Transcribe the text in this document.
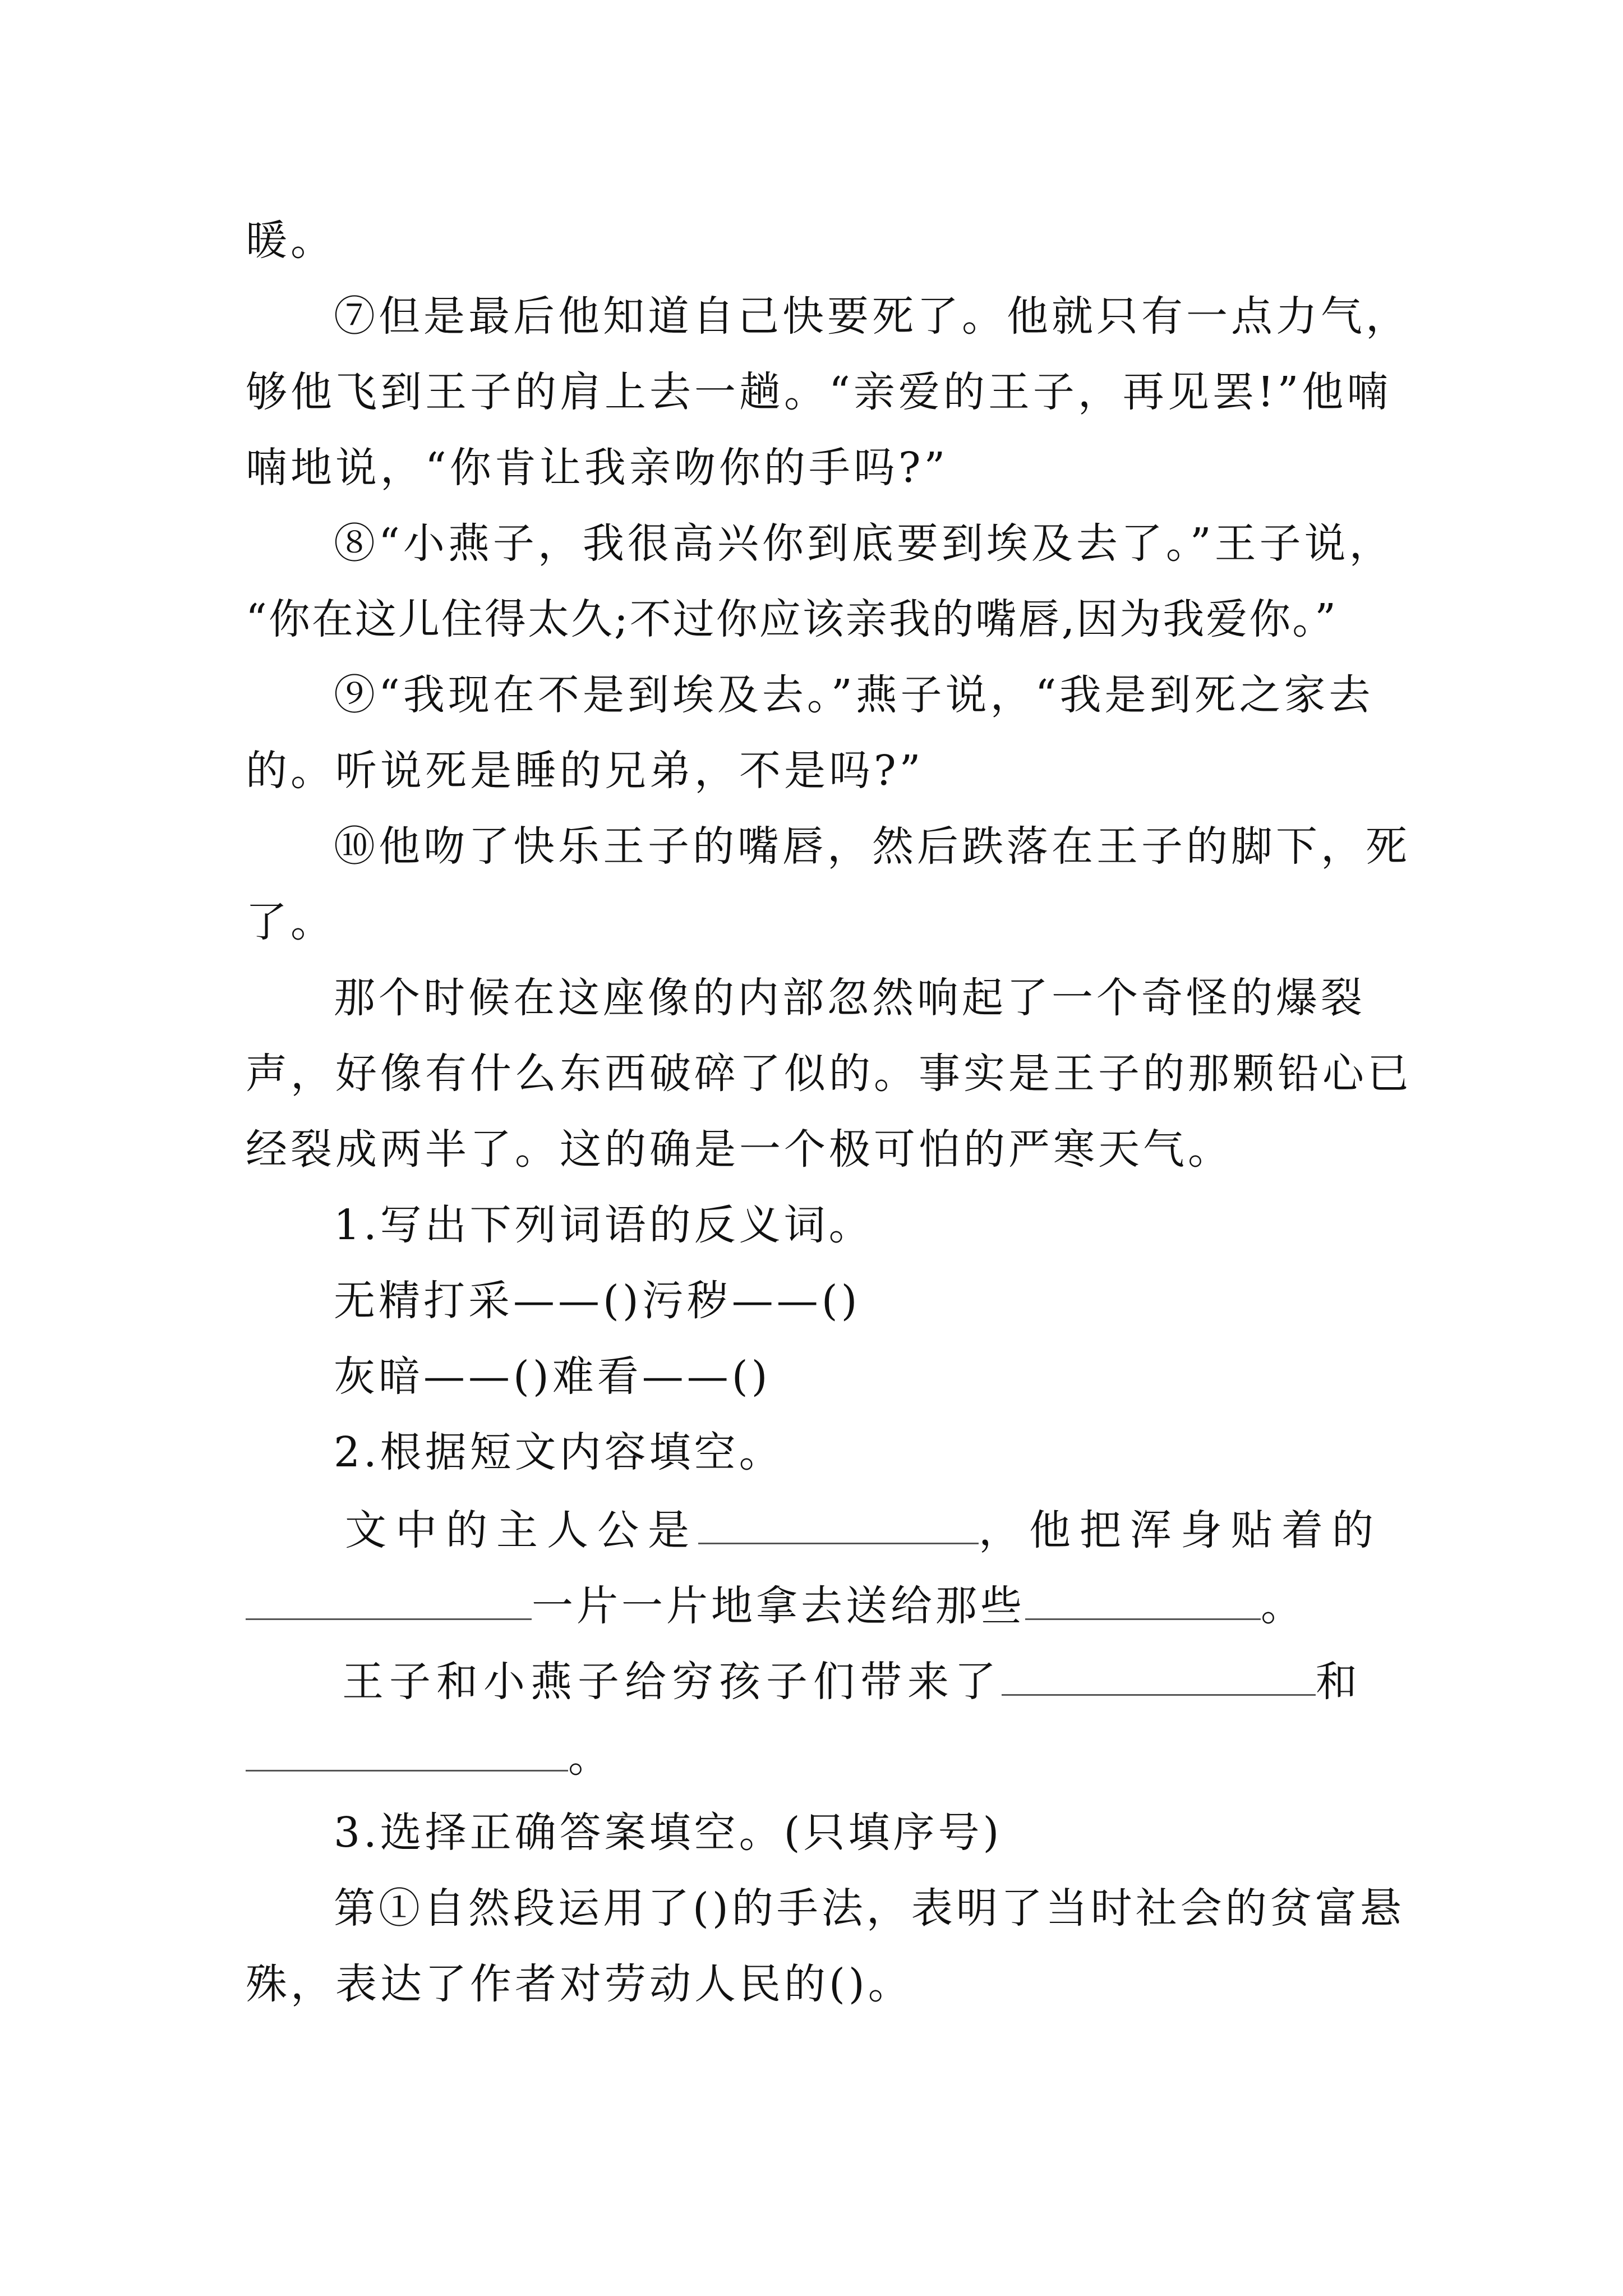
暖。
⑦但是最后他知道自己快要死了。他就只有一点力气，
够他飞到王子的肩上去一趟。“亲爱的王子，再见罢!”他喃
喃地说，“你肯让我亲吻你的手吗?”
⑧“小燕子，我很高兴你到底要到埃及去了。”王子说，
“你在这儿住得太久;不过你应该亲我的嘴唇,因为我爱你。”
⑨“我现在不是到埃及去。”燕子说，“我是到死之家去
的。听说死是睡的兄弟，不是吗?”
⑩他吻了快乐王子的嘴唇，然后跌落在王子的脚下，死
了。
那个时候在这座像的内部忽然响起了一个奇怪的爆裂
声，好像有什么东西破碎了似的。事实是王子的那颗铅心已
经裂成两半了。这的确是一个极可怕的严寒天气。
1.写出下列词语的反义词。
无精打采——()污秽——()
灰暗——()难看——()
2.根据短文内容填空。
文中的主人公是	，他把浑身贴着的
一片一片地拿去送给那些	。
王子和小燕子给穷孩子们带来了	和
。
3.选择正确答案填空。(只填序号)
第①自然段运用了()的手法，表明了当时社会的贫富悬
殊，表达了作者对劳动人民的()。
